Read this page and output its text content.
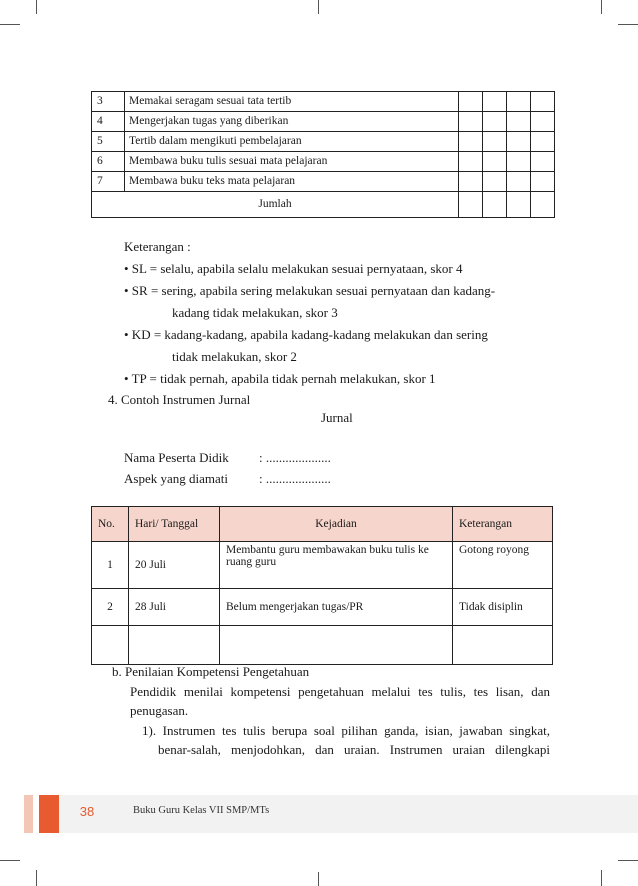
3	Memakai seragam sesuai tata tertib				
4	Mengerjakan tugas yang diberikan				
5	Tertib dalam mengikuti pembelajaran				
6	Membawa buku tulis sesuai mata pelajaran				
7	Membawa buku teks mata pelajaran				
Jumlah					
Keterangan :
• SL = selalu, apabila selalu melakukan sesuai pernyataan, skor 4
• SR = sering, apabila sering melakukan sesuai pernyataan dan kadang-
kadang tidak melakukan, skor 3
• KD = kadang-kadang, apabila kadang-kadang melakukan dan sering
tidak melakukan, skor 2
• TP = tidak pernah, apabila tidak pernah melakukan, skor 1
4. Contoh Instrumen Jurnal
Jurnal
Nama Peserta Didik : ....................
Aspek yang diamati : ....................
No.	Hari/ Tanggal	Kejadian	Keterangan
1	20 Juli	Membantu guru membawakan buku tulis ke ruang guru	Gotong royong
2	28 Juli	Belum mengerjakan tugas/PR	Tidak disiplin

b. Penilaian Kompetensi Pengetahuan
Pendidik menilai kompetensi pengetahuan melalui tes tulis, tes lisan, dan
penugasan.
1). Instrumen tes tulis berupa soal pilihan ganda, isian, jawaban singkat,
benar-salah, menjodohkan, dan uraian. Instrumen uraian dilengkapi
38	Buku Guru Kelas VII SMP/MTs
